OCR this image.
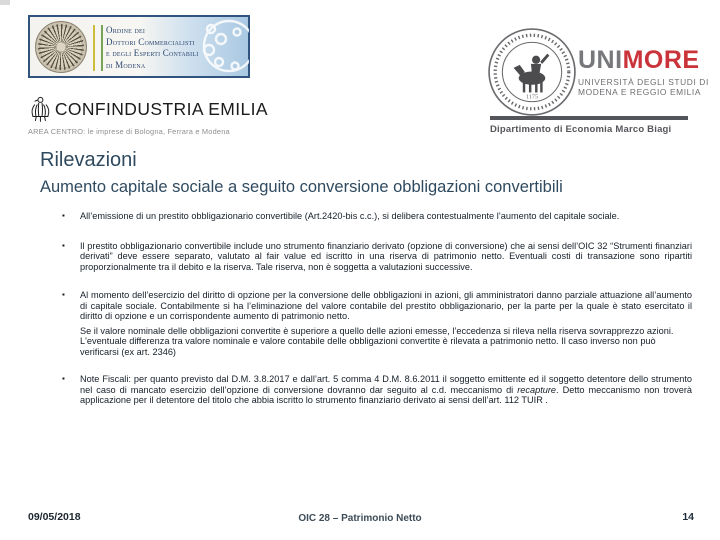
Ordine dei
Dottori Commercialisti
e degli Esperti Contabili
di Modena
CONFINDUSTRIA EMILIA
AREA CENTRO: le imprese di Bologna, Ferrara e Modena
1175
UNIMORE
UNIVERSITÀ DEGLI STUDI DI
MODENA E REGGIO EMILIA
Dipartimento di Economia Marco Biagi
Rilevazioni
Aumento capitale sociale a seguito conversione obbligazioni convertibili
▪	All’emissione di un prestito obbligazionario convertibile (Art.2420-bis c.c.), si delibera contestualmente l’aumento del capitale sociale.
▪	Il prestito obbligazionario convertibile include uno strumento finanziario derivato (opzione di conversione) che ai sensi dell’OIC 32 “Strumenti finanziari derivati” deve essere separato, valutato al fair value ed iscritto in una riserva di patrimonio netto. Eventuali costi di transazione sono ripartiti proporzionalmente tra il debito e la riserva. Tale riserva, non è soggetta a valutazioni successive.
▪	Al momento dell’esercizio del diritto di opzione per la conversione delle obbligazioni in azioni, gli amministratori danno parziale attuazione all’aumento di capitale sociale. Contabilmente si ha l’eliminazione del valore contabile del prestito obbligazionario, per la parte per la quale è stato esercitato il diritto di opzione e un corrispondente aumento di patrimonio netto.
Se il valore nominale delle obbligazioni convertite è superiore a quello delle azioni emesse, l’eccedenza si rileva nella riserva sovrapprezzo azioni. L'eventuale differenza tra valore nominale e valore contabile delle obbligazioni convertite è rilevata a patrimonio netto. Il caso inverso non può verificarsi (ex art. 2346)
▪	Note Fiscali: per quanto previsto dal D.M. 3.8.2017 e dall’art. 5 comma 4 D.M. 8.6.2011 il soggetto emittente ed il soggetto detentore dello strumento nel caso di mancato esercizio dell’opzione di conversione dovranno dar seguito al c.d. meccanismo di recapture. Detto meccanismo non troverà applicazione per il detentore del titolo che abbia iscritto lo strumento finanziario derivato ai sensi dell’art. 112 TUIR .
09/05/2018	OIC 28 – Patrimonio Netto	14
